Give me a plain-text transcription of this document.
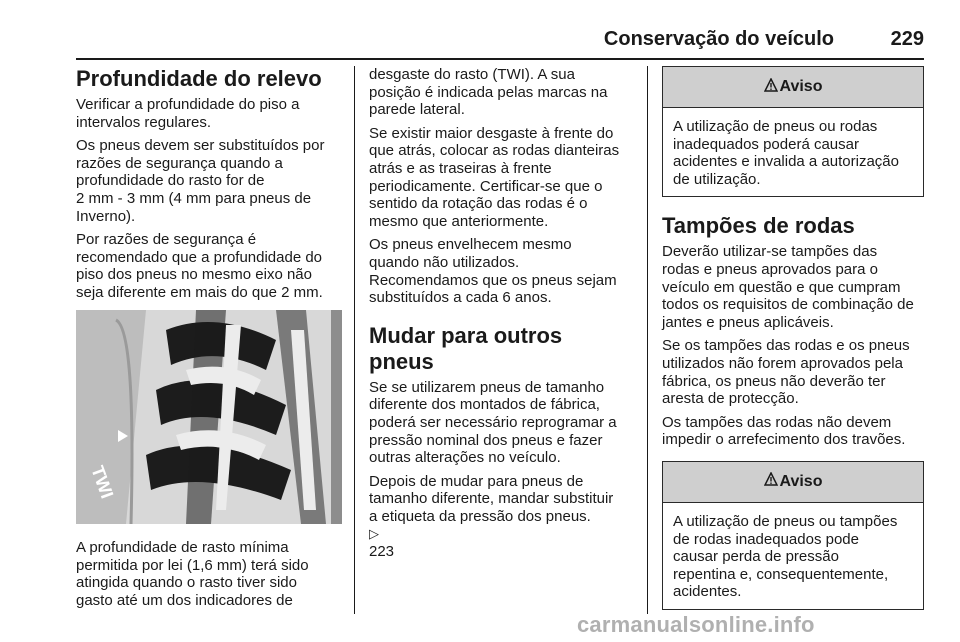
Conservação do veículo	229
Profundidade do relevo
Verificar a profundidade do piso a
intervalos regulares.
Os pneus devem ser substituídos por
razões de segurança quando a
profundidade do rasto for de
2 mm - 3 mm (4 mm para pneus de
Inverno).
Por razões de segurança é
recomendado que a profundidade do
piso dos pneus no mesmo eixo não
seja diferente em mais do que 2 mm.
TWI
A profundidade de rasto mínima
permitida por lei (1,6 mm) terá sido
atingida quando o rasto tiver sido
gasto até um dos indicadores de
desgaste do rasto (TWI). A sua
posição é indicada pelas marcas na
parede lateral.
Se existir maior desgaste à frente do
que atrás, colocar as rodas dianteiras
atrás e as traseiras à frente
periodicamente. Certificar-se que o
sentido da rotação das rodas é o
mesmo que anteriormente.
Os pneus envelhecem mesmo
quando não utilizados.
Recomendamos que os pneus sejam
substituídos a cada 6 anos.
Mudar para outros pneus
Se se utilizarem pneus de tamanho
diferente dos montados de fábrica,
poderá ser necessário reprogramar a
pressão nominal dos pneus e fazer
outras alterações no veículo.
Depois de mudar para pneus de
tamanho diferente, mandar substituir
a etiqueta da pressão dos pneus.
▷
223
Aviso
A utilização de pneus ou rodas
inadequados poderá causar
acidentes e invalida a autorização
de utilização.
Tampões de rodas
Deverão utilizar-se tampões das
rodas e pneus aprovados para o
veículo em questão e que cumpram
todos os requisitos de combinação de
jantes e pneus aplicáveis.
Se os tampões das rodas e os pneus
utilizados não forem aprovados pela
fábrica, os pneus não deverão ter
aresta de protecção.
Os tampões das rodas não devem
impedir o arrefecimento dos travões.
Aviso
A utilização de pneus ou tampões
de rodas inadequados pode
causar perda de pressão
repentina e, consequentemente,
acidentes.
carmanualsonline.info
